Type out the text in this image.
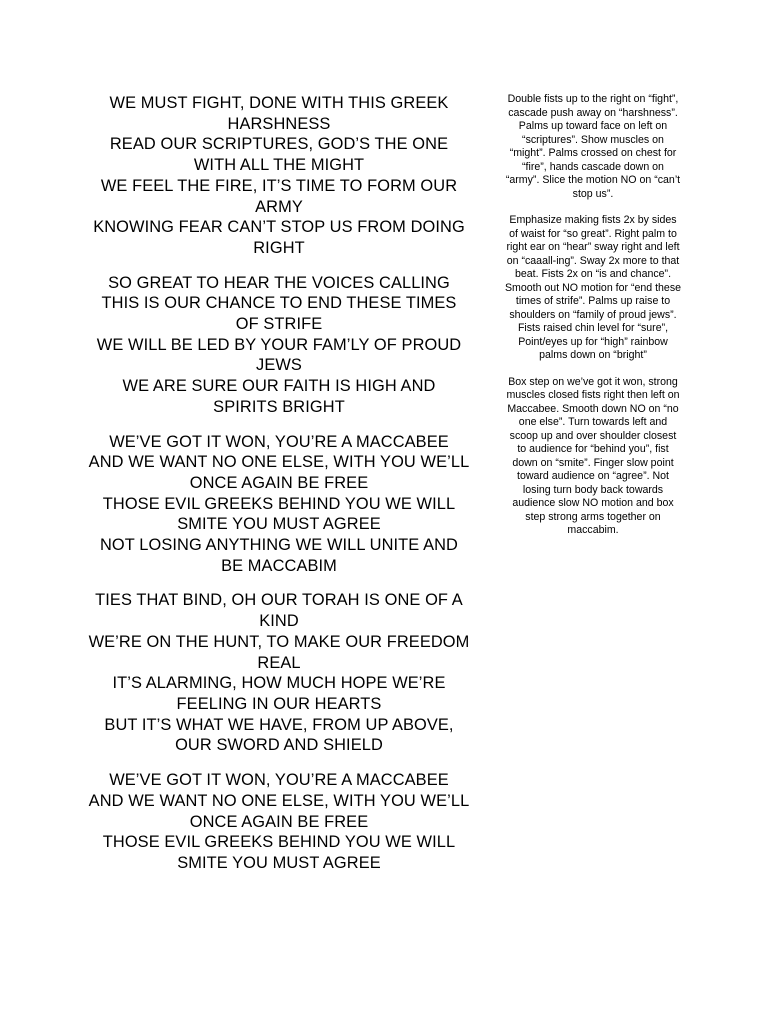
WE MUST FIGHT, DONE WITH THIS GREEK HARSHNESS
READ OUR SCRIPTURES, GOD’S THE ONE WITH ALL THE MIGHT
WE FEEL THE FIRE, IT’S TIME TO FORM OUR ARMY
KNOWING FEAR CAN’T STOP US FROM DOING RIGHT
SO GREAT TO HEAR THE VOICES CALLING
THIS IS OUR CHANCE TO END THESE TIMES OF STRIFE
WE WILL BE LED BY YOUR FAM’LY OF PROUD JEWS
WE ARE SURE OUR FAITH IS HIGH AND SPIRITS BRIGHT
WE’VE GOT IT WON, YOU’RE A MACCABEE
AND WE WANT NO ONE ELSE, WITH YOU WE’LL ONCE AGAIN BE FREE
THOSE EVIL GREEKS BEHIND YOU WE WILL SMITE YOU MUST AGREE
NOT LOSING ANYTHING WE WILL UNITE AND BE MACCABIM
TIES THAT BIND, OH OUR TORAH IS ONE OF A KIND
WE’RE ON THE HUNT, TO MAKE OUR FREEDOM REAL
IT’S ALARMING, HOW MUCH HOPE WE’RE FEELING IN OUR HEARTS
BUT IT’S WHAT WE HAVE, FROM UP ABOVE, OUR SWORD AND SHIELD
WE’VE GOT IT WON, YOU’RE A MACCABEE
AND WE WANT NO ONE ELSE, WITH YOU WE’LL ONCE AGAIN BE FREE
THOSE EVIL GREEKS BEHIND YOU WE WILL SMITE YOU MUST AGREE

Double fists up to the right on “fight”, cascade push away on “harshness”. Palms up toward face on left on “scriptures”. Show muscles on “might”. Palms crossed on chest for “fire”, hands cascade down on “army”. Slice the motion NO on “can’t stop us”.

Emphasize making fists 2x by sides of waist for “so great”. Right palm to right ear on “hear” sway right and left on “caaall-ing”. Sway 2x more to that beat. Fists 2x on “is and chance”. Smooth out NO motion for “end these times of strife”. Palms up raise to shoulders on “family of proud jews”. Fists raised chin level for “sure”, Point/eyes up for “high” rainbow palms down on “bright”

Box step on we’ve got it won, strong muscles closed fists right then left on Maccabee. Smooth down NO on “no one else”. Turn towards left and scoop up and over shoulder closest to audience for “behind you”, fist down on “smite”. Finger slow point toward audience on “agree”. Not losing turn body back towards audience slow NO motion and box step strong arms together on maccabim.
